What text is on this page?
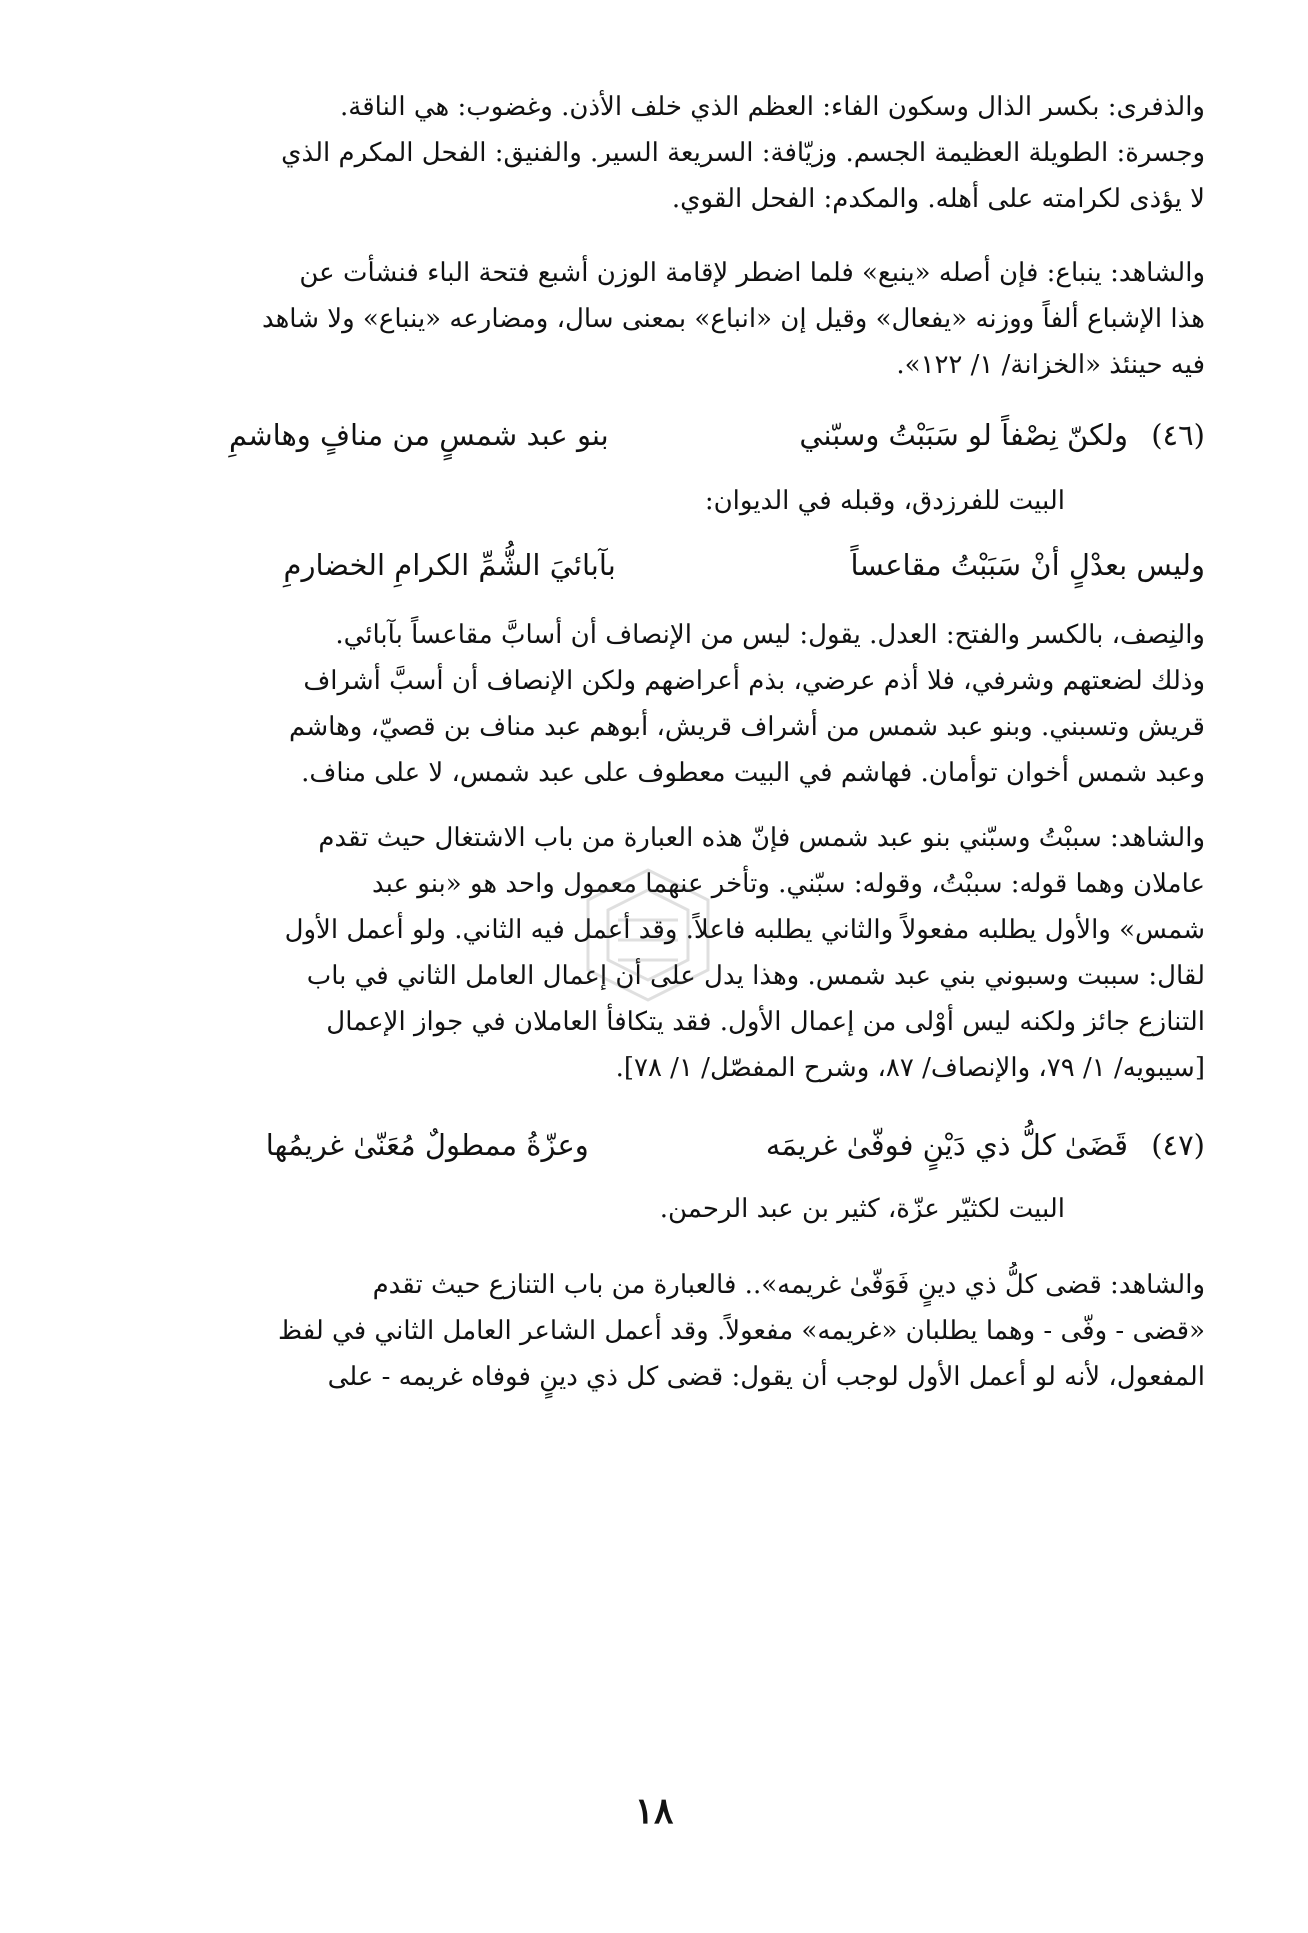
والذفرى: بكسر الذال وسكون الفاء: العظم الذي خلف الأذن. وغضوب: هي الناقة.
وجسرة: الطويلة العظيمة الجسم. وزيّافة: السريعة السير. والفنيق: الفحل المكرم الذي
لا يؤذى لكرامته على أهله. والمكدم: الفحل القوي.
والشاهد: ينباع: فإن أصله «ينبع» فلما اضطر لإقامة الوزن أشبع فتحة الباء فنشأت عن
هذا الإشباع ألفاً ووزنه «يفعال» وقيل إن «انباع» بمعنى سال، ومضارعه «ينباع» ولا شاهد
فيه حينئذ «الخزانة/ ١/ ١٢٢».
(٤٦) ولكنّ نِصْفاً لو سَبَبْتُ وسبّني بنو عبد شمسٍ من منافٍ وهاشمِ
البيت للفرزدق، وقبله في الديوان:
وليس بعدْلٍ أنْ سَبَبْتُ مقاعساً بآبائيَ الشُّمِّ الكرامِ الخضارمِ
والنِصف، بالكسر والفتح: العدل. يقول: ليس من الإنصاف أن أسابَّ مقاعساً بآبائي.
وذلك لضعتهم وشرفي، فلا أذم عرضي، بذم أعراضهم ولكن الإنصاف أن أسبَّ أشراف
قريش وتسبني. وبنو عبد شمس من أشراف قريش، أبوهم عبد مناف بن قصيّ، وهاشم
وعبد شمس أخوان توأمان. فهاشم في البيت معطوف على عبد شمس، لا على مناف.
والشاهد: سببْتُ وسبّني بنو عبد شمس فإنّ هذه العبارة من باب الاشتغال حيث تقدم
عاملان وهما قوله: سببْتُ، وقوله: سبّني. وتأخر عنهما معمول واحد هو «بنو عبد
شمس» والأول يطلبه مفعولاً والثاني يطلبه فاعلاً. وقد أعمل فيه الثاني. ولو أعمل الأول
لقال: سببت وسبوني بني عبد شمس. وهذا يدل على أن إعمال العامل الثاني في باب
التنازع جائز ولكنه ليس أوْلى من إعمال الأول. فقد يتكافأ العاملان في جواز الإعمال
[سيبويه/ ١/ ٧٩، والإنصاف/ ٨٧، وشرح المفصّل/ ١/ ٧٨].
(٤٧) قَضَىٰ كلُّ ذي دَيْنٍ فوفّىٰ غريمَه وعزّةُ ممطولٌ مُعَنّىٰ غريمُها
البيت لكثيّر عزّة، كثير بن عبد الرحمن.
والشاهد: قضى كلُّ ذي دينٍ فَوَفّىٰ غريمه».. فالعبارة من باب التنازع حيث تقدم
«قضى - وفّى - وهما يطلبان «غريمه» مفعولاً. وقد أعمل الشاعر العامل الثاني في لفظ
المفعول، لأنه لو أعمل الأول لوجب أن يقول: قضى كل ذي دينٍ فوفاه غريمه - على
١٨
